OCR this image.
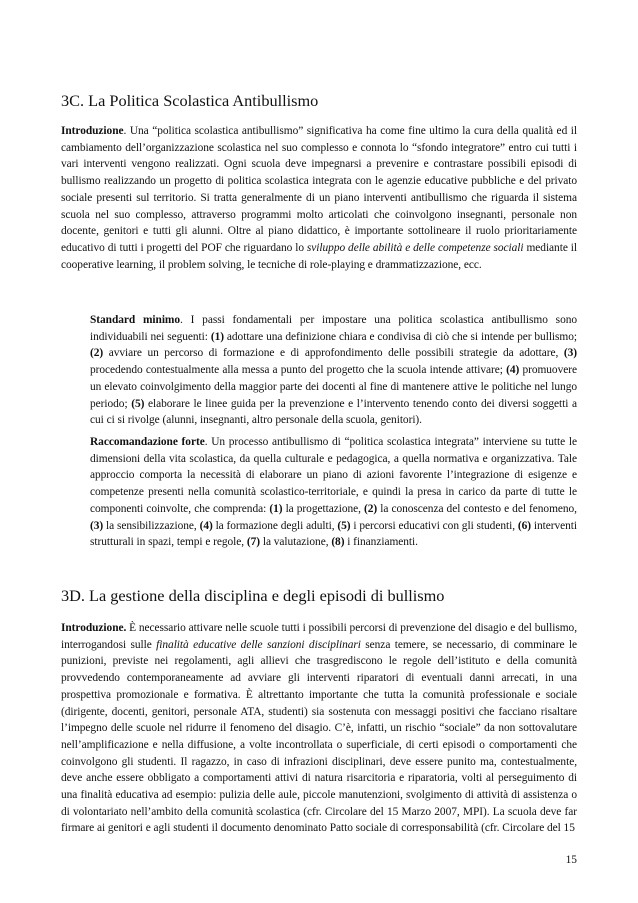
3C. La Politica Scolastica Antibullismo

Introduzione. Una “politica scolastica antibullismo” significativa ha come fine ultimo la cura della qualità ed il cambiamento dell’organizzazione scolastica nel suo complesso e connota lo “sfondo integratore” entro cui tutti i vari interventi vengono realizzati. Ogni scuola deve impegnarsi a prevenire e contrastare possibili episodi di bullismo realizzando un progetto di politica scolastica integrata con le agenzie educative pubbliche e del privato sociale presenti sul territorio. Si tratta generalmente di un piano interventi antibullismo che riguarda il sistema scuola nel suo complesso, attraverso programmi molto articolati che coinvolgono insegnanti, personale non docente, genitori e tutti gli alunni. Oltre al piano didattico, è importante sottolineare il ruolo prioritariamente educativo di tutti i progetti del POF che riguardano lo sviluppo delle abilità e delle competenze sociali mediante il cooperative learning, il problem solving, le tecniche di role-playing e drammatizzazione, ecc.

Standard minimo. I passi fondamentali per impostare una politica scolastica antibullismo sono individuabili nei seguenti: (1) adottare una definizione chiara e condivisa di ciò che si intende per bullismo; (2) avviare un percorso di formazione e di approfondimento delle possibili strategie da adottare, (3) procedendo contestualmente alla messa a punto del progetto che la scuola intende attivare; (4) promuovere un elevato coinvolgimento della maggior parte dei docenti al fine di mantenere attive le politiche nel lungo periodo; (5) elaborare le linee guida per la prevenzione e l’intervento tenendo conto dei diversi soggetti a cui ci si rivolge (alunni, insegnanti, altro personale della scuola, genitori).

Raccomandazione forte. Un processo antibullismo di “politica scolastica integrata” interviene su tutte le dimensioni della vita scolastica, da quella culturale e pedagogica, a quella normativa e organizzativa. Tale approccio comporta la necessità di elaborare un piano di azioni favorente l’integrazione di esigenze e competenze presenti nella comunità scolastico-territoriale, e quindi la presa in carico da parte di tutte le componenti coinvolte, che comprenda: (1) la progettazione, (2) la conoscenza del contesto e del fenomeno, (3) la sensibilizzazione, (4) la formazione degli adulti, (5) i percorsi educativi con gli studenti, (6) interventi strutturali in spazi, tempi e regole, (7) la valutazione, (8) i finanziamenti.

3D. La gestione della disciplina e degli episodi di bullismo

Introduzione. È necessario attivare nelle scuole tutti i possibili percorsi di prevenzione del disagio e del bullismo, interrogandosi sulle finalità educative delle sanzioni disciplinari senza temere, se necessario, di comminare le punizioni, previste nei regolamenti, agli allievi che trasgrediscono le regole dell’istituto e della comunità provvedendo contemporaneamente ad avviare gli interventi riparatori di eventuali danni arrecati, in una prospettiva promozionale e formativa. È altrettanto importante che tutta la comunità professionale e sociale (dirigente, docenti, genitori, personale ATA, studenti) sia sostenuta con messaggi positivi che facciano risaltare l’impegno delle scuole nel ridurre il fenomeno del disagio. C’è, infatti, un rischio “sociale” da non sottovalutare nell’amplificazione e nella diffusione, a volte incontrollata o superficiale, di certi episodi o comportamenti che coinvolgono gli studenti. Il ragazzo, in caso di infrazioni disciplinari, deve essere punito ma, contestualmente, deve anche essere obbligato a comportamenti attivi di natura risarcitoria e riparatoria, volti al perseguimento di una finalità educativa ad esempio: pulizia delle aule, piccole manutenzioni, svolgimento di attività di assistenza o di volontariato nell’ambito della comunità scolastica (cfr. Circolare del 15 Marzo 2007, MPI). La scuola deve far firmare ai genitori e agli studenti il documento denominato Patto sociale di corresponsabilità (cfr. Circolare del 15

15
